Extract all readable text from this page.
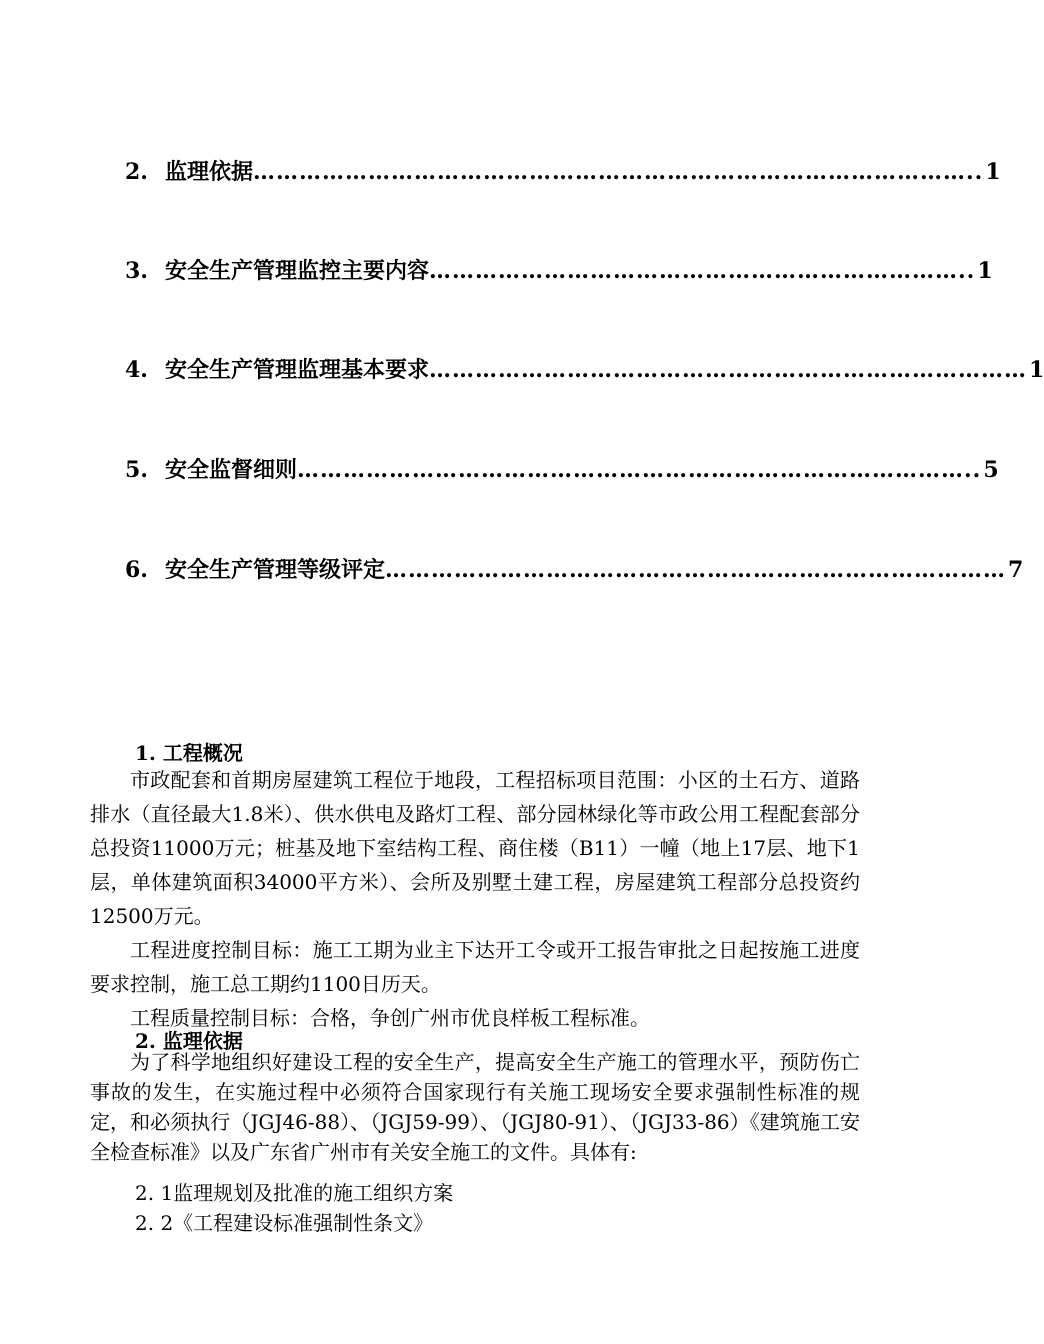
2. 监理依据 ………………………………………………………………………………….. 1
3. 安全生产管理监控主要内容 …………………………………………………………….. 1
4. 安全生产管理监理基本要求 …………………………………………………………………… 1
5. 安全监督细则 …………………………………………………………………………….. 5
6. 安全生产管理等级评定 ……………………………………………………………………… 7
1. 工程概况

市政配套和首期房屋建筑工程位于地段，工程招标项目范围：小区的土石方、道路排水（直径最大1.8米）、供水供电及路灯工程、部分园林绿化等市政公用工程配套部分总投资11000万元；桩基及地下室结构工程、商住楼（B11）一幢（地上17层、地下1层，单体建筑面积34000平方米）、会所及别墅土建工程，房屋建筑工程部分总投资约12500万元。

工程进度控制目标：施工工期为业主下达开工令或开工报告审批之日起按施工进度要求控制，施工总工期约1100日历天。

工程质量控制目标：合格，争创广州市优良样板工程标准。

2. 监理依据

为了科学地组织好建设工程的安全生产，提高安全生产施工的管理水平，预防伤亡事故的发生，在实施过程中必须符合国家现行有关施工现场安全要求强制性标准的规定，和必须执行（JGJ46-88）、（JGJ59-99）、（JGJ80-91）、（JGJ33-86）《建筑施工安全检查标准》以及广东省广州市有关安全施工的文件。具体有:

2. 1监理规划及批准的施工组织方案
2. 2《工程建设标准强制性条文》
